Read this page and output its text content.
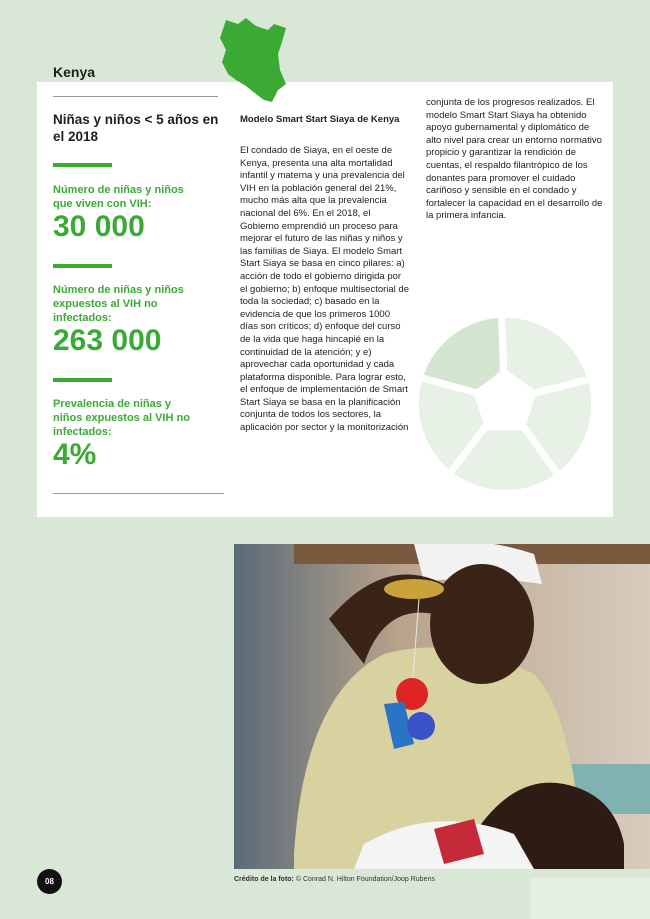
Kenya
Niñas y niños < 5 años en el 2018

Número de niñas y niños que viven con VIH:

30 000

Número de niñas y niños expuestos al VIH no infectados:

263 000

Prevalencia de niñas y niños expuestos al VIH no infectados:

4%

Modelo Smart Start Siaya de Kenya

El condado de Siaya, en el oeste de Kenya, presenta una alta mortalidad infantil y materna y una prevalencia del VIH en la población general del 21%, mucho más alta que la prevalencia nacional del 6%. En el 2018, el Gobierno emprendió un proceso para mejorar el futuro de las niñas y niños y las familias de Siaya. El modelo Smart Start Siaya se basa en cinco pilares: a) acción de todo el gobierno dirigida por el gobierno; b) enfoque multisectorial de toda la sociedad; c) basado en la evidencia de que los primeros 1000 días son críticos; d) enfoque del curso de la vida que haga hincapié en la continuidad de la atención; y e) aprovechar cada oportunidad y cada plataforma disponible. Para lograr esto, el enfoque de implementación de Smart Start Siaya se basa en la planificación conjunta de todos los sectores, la aplicación por sector y la monitorización

conjunta de los progresos realizados. El modelo Smart Start Siaya ha obtenido apoyo gubernamental y diplomático de alto nivel para crear un entorno normativo propicio y garantizar la rendición de cuentas, el respaldo filantrópico de los donantes para promover el cuidado cariñoso y sensible en el condado y fortalecer la capacidad en el desarrollo de la primera infancia.

Crédito de la foto: © Conrad N. Hilton Foundation/Joop Rubens

08
